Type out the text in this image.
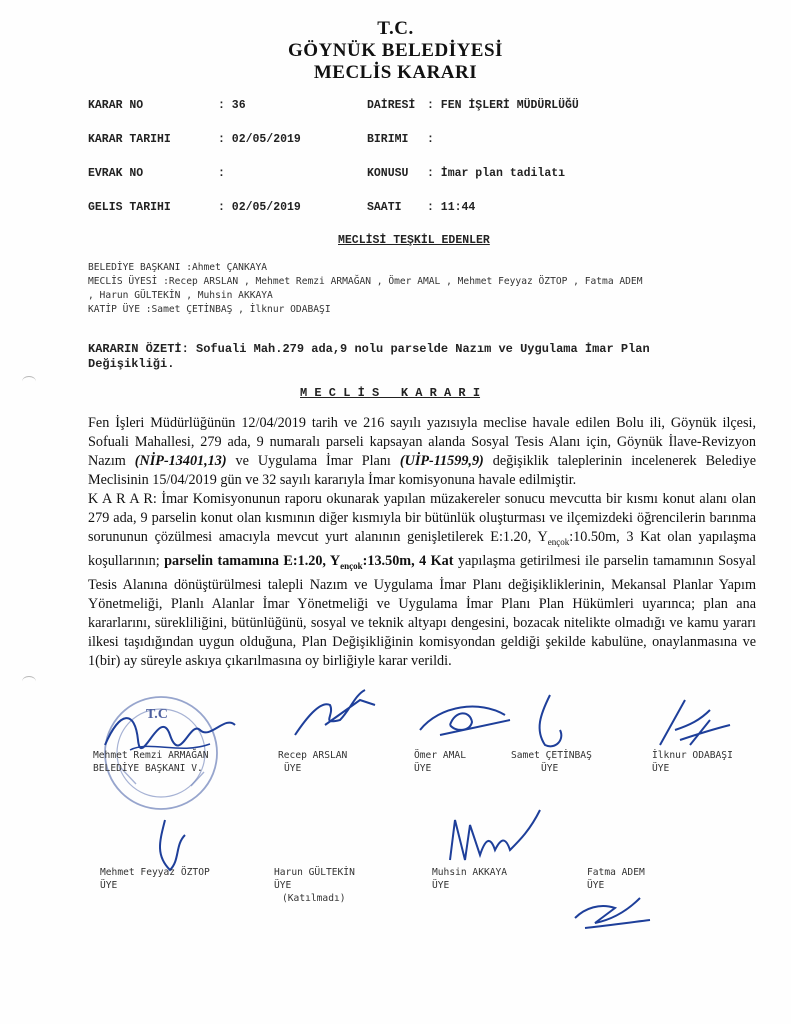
T.C.
GÖYNÜK BELEDİYESİ
MECLİS KARARI
KARAR NO	: 36	DAİRESİ : FEN İŞLERİ MÜDÜRLÜĞÜ
KARAR TARIHI	: 02/05/2019	BIRIMI :
EVRAK NO	:	KONUSU : İmar plan tadilatı
GELIS TARIHI	: 02/05/2019	SAATI : 11:44
MECLİSİ TEŞKİL EDENLER
BELEDİYE BAŞKANI :Ahmet ÇANKAYA
MECLİS ÜYESİ :Recep ARSLAN , Mehmet Remzi ARMAĞAN , Ömer AMAL , Mehmet Feyyaz ÖZTOP , Fatma ADEM
, Harun GÜLTEKİN , Muhsin AKKAYA
KATİP ÜYE :Samet ÇETİNBAŞ , İlknur ODABAŞI
KARARIN ÖZETİ: Sofuali Mah.279 ada,9 nolu parselde Nazım ve Uygulama İmar Plan
Değişikliği.
M E C L İ S   K A R A R I

Fen İşleri Müdürlüğünün 12/04/2019 tarih ve 216 sayılı yazısıyla meclise havale edilen Bolu ili, Göynük ilçesi, Sofuali Mahallesi, 279 ada, 9 numaralı parseli kapsayan alanda Sosyal Tesis Alanı için, Göynük İlave-Revizyon Nazım (NİP-13401,13) ve Uygulama İmar Planı (UİP-11599,9) değişiklik taleplerinin incelenerek Belediye Meclisinin 15/04/2019 gün ve 32 sayılı kararıyla İmar komisyonuna havale edilmiştir.

K A R A R: İmar Komisyonunun raporu okunarak yapılan müzakereler sonucu mevcutta bir kısmı konut alanı olan 279 ada, 9 parselin konut olan kısmının diğer kısmıyla bir bütünlük oluşturması ve ilçemizdeki öğrencilerin barınma sorununun çözülmesi amacıyla mevcut yurt alanının genişletilerek E:1.20, $Y_{ençok}:10.50m$, 3 Kat olan yapılaşma koşullarının; parselin tamamına E:1.20, $Y_{ençok}:13.50m$, 4 Kat yapılaşma getirilmesi ile parselin tamamının Sosyal Tesis Alanına dönüştürülmesi talepli Nazım ve Uygulama İmar Planı değişikliklerinin, Mekansal Planlar Yapım Yönetmeliği, Planlı Alanlar İmar Yönetmeliği ve Uygulama İmar Planı Plan Hükümleri uyarınca; plan ana kararlarını, sürekliliğini, bütünlüğünü, sosyal ve teknik altyapı dengesini, bozacak nitelikte olmadığı ve kamu yararı ilkesi taşıdığından uygun olduğuna, Plan Değişikliğinin komisyondan geldiği şekilde kabulüne, onaylanmasına ve 1(bir) ay süreyle askıya çıkarılmasına oy birliğiyle karar verildi.

T.C
Mehmet Remzi ARMAĞAN
BELEDİYE BAŞKANI V.
Recep ARSLAN
ÜYE
Ömer AMAL
ÜYE
Samet ÇETİNBAŞ
ÜYE
İlknur ODABAŞI
ÜYE
Mehmet Feyyaz ÖZTOP
ÜYE
Harun GÜLTEKİN
ÜYE
(Katılmadı)
Muhsin AKKAYA
ÜYE
Fatma ADEM
ÜYE
